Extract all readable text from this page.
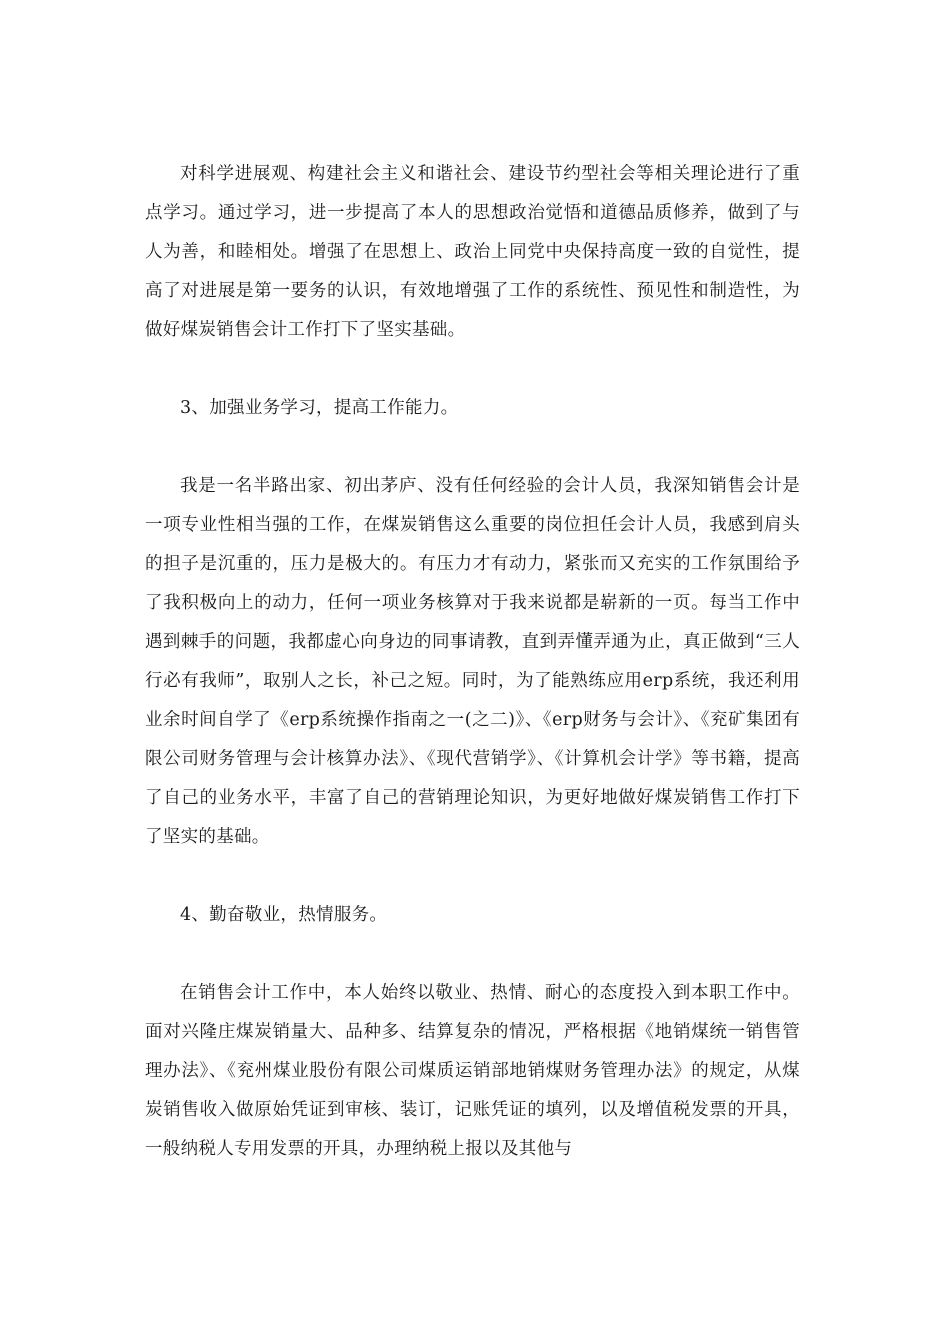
对科学进展观、构建社会主义和谐社会、建设节约型社会等相关理论进行了重点学习。通过学习，进一步提高了本人的思想政治觉悟和道德品质修养，做到了与人为善，和睦相处。增强了在思想上、政治上同党中央保持高度一致的自觉性，提高了对进展是第一要务的认识，有效地增强了工作的系统性、预见性和制造性，为做好煤炭销售会计工作打下了坚实基础。

3、加强业务学习，提高工作能力。

我是一名半路出家、初出茅庐、没有任何经验的会计人员，我深知销售会计是一项专业性相当强的工作，在煤炭销售这么重要的岗位担任会计人员，我感到肩头的担子是沉重的，压力是极大的。有压力才有动力，紧张而又充实的工作氛围给予了我积极向上的动力，任何一项业务核算对于我来说都是崭新的一页。每当工作中遇到棘手的问题，我都虚心向身边的同事请教，直到弄懂弄通为止，真正做到“三人行必有我师”，取别人之长，补己之短。同时，为了能熟练应用erp系统，我还利用业余时间自学了《erp系统操作指南之一(之二)》、《erp财务与会计》、《兖矿集团有限公司财务管理与会计核算办法》、《现代营销学》、《计算机会计学》等书籍，提高了自己的业务水平，丰富了自己的营销理论知识，为更好地做好煤炭销售工作打下了坚实的基础。

4、勤奋敬业，热情服务。

在销售会计工作中，本人始终以敬业、热情、耐心的态度投入到本职工作中。面对兴隆庄煤炭销量大、品种多、结算复杂的情况，严格根据《地销煤统一销售管理办法》、《兖州煤业股份有限公司煤质运销部地销煤财务管理办法》的规定，从煤炭销售收入做原始凭证到审核、装订，记账凭证的填列，以及增值税发票的开具，一般纳税人专用发票的开具，办理纳税上报以及其他与
